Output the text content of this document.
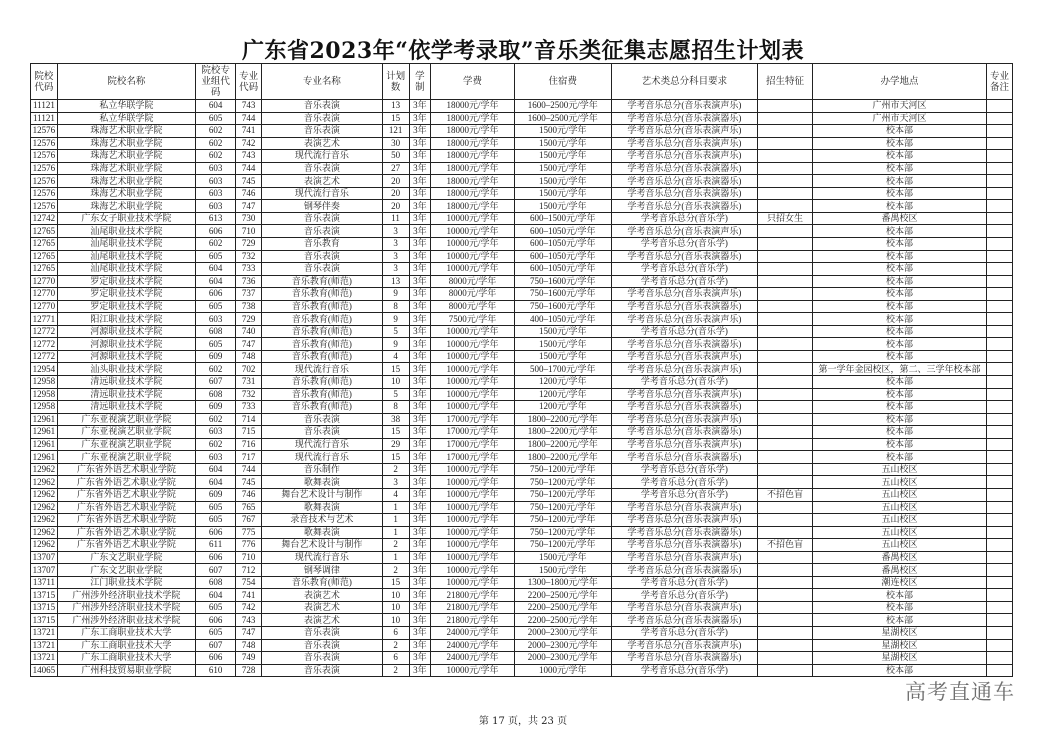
广东省2023年“依学考录取”音乐类征集志愿招生计划表
院校
代码	院校名称	院校专
业组代
码	专业
代码	专业名称	计划
数	学
制	学费	住宿费	艺术类总分科目要求	招生特征	办学地点	专业
备注
11121	私立华联学院	604	743	音乐表演	13	3年	18000元/学年	1600–2500元/学年	学考音乐总分(音乐表演声乐)		广州市天河区	
11121	私立华联学院	605	744	音乐表演	15	3年	18000元/学年	1600–2500元/学年	学考音乐总分(音乐表演器乐)		广州市天河区	
12576	珠海艺术职业学院	602	741	音乐表演	121	3年	18000元/学年	1500元/学年	学考音乐总分(音乐表演声乐)		校本部	
12576	珠海艺术职业学院	602	742	表演艺术	30	3年	18000元/学年	1500元/学年	学考音乐总分(音乐表演声乐)		校本部	
12576	珠海艺术职业学院	602	743	现代流行音乐	50	3年	18000元/学年	1500元/学年	学考音乐总分(音乐表演声乐)		校本部	
12576	珠海艺术职业学院	603	744	音乐表演	27	3年	18000元/学年	1500元/学年	学考音乐总分(音乐表演器乐)		校本部	
12576	珠海艺术职业学院	603	745	表演艺术	20	3年	18000元/学年	1500元/学年	学考音乐总分(音乐表演器乐)		校本部	
12576	珠海艺术职业学院	603	746	现代流行音乐	20	3年	18000元/学年	1500元/学年	学考音乐总分(音乐表演器乐)		校本部	
12576	珠海艺术职业学院	603	747	钢琴伴奏	20	3年	18000元/学年	1500元/学年	学考音乐总分(音乐表演器乐)		校本部	
12742	广东女子职业技术学院	613	730	音乐表演	11	3年	10000元/学年	600–1500元/学年	学考音乐总分(音乐学)	只招女生	番禺校区	
12765	汕尾职业技术学院	606	710	音乐表演	3	3年	10000元/学年	600–1050元/学年	学考音乐总分(音乐表演声乐)		校本部	
12765	汕尾职业技术学院	602	729	音乐教育	3	3年	10000元/学年	600–1050元/学年	学考音乐总分(音乐学)		校本部	
12765	汕尾职业技术学院	605	732	音乐表演	3	3年	10000元/学年	600–1050元/学年	学考音乐总分(音乐表演器乐)		校本部	
12765	汕尾职业技术学院	604	733	音乐表演	3	3年	10000元/学年	600–1050元/学年	学考音乐总分(音乐学)		校本部	
12770	罗定职业技术学院	604	736	音乐教育(师范)	13	3年	8000元/学年	750–1600元/学年	学考音乐总分(音乐学)		校本部	
12770	罗定职业技术学院	606	737	音乐教育(师范)	9	3年	8000元/学年	750–1600元/学年	学考音乐总分(音乐表演声乐)		校本部	
12770	罗定职业技术学院	605	738	音乐教育(师范)	8	3年	8000元/学年	750–1600元/学年	学考音乐总分(音乐表演器乐)		校本部	
12771	阳江职业技术学院	603	729	音乐教育(师范)	9	3年	7500元/学年	400–1050元/学年	学考音乐总分(音乐表演声乐)		校本部	
12772	河源职业技术学院	608	740	音乐教育(师范)	5	3年	10000元/学年	1500元/学年	学考音乐总分(音乐学)		校本部	
12772	河源职业技术学院	605	747	音乐教育(师范)	9	3年	10000元/学年	1500元/学年	学考音乐总分(音乐表演器乐)		校本部	
12772	河源职业技术学院	609	748	音乐教育(师范)	4	3年	10000元/学年	1500元/学年	学考音乐总分(音乐表演声乐)		校本部	
12954	汕头职业技术学院	602	702	现代流行音乐	15	3年	10000元/学年	500–1700元/学年	学考音乐总分(音乐表演声乐)		第一学年金园校区，第二、三学年校本部	
12958	清远职业技术学院	607	731	音乐教育(师范)	10	3年	10000元/学年	1200元/学年	学考音乐总分(音乐学)		校本部	
12958	清远职业技术学院	608	732	音乐教育(师范)	5	3年	10000元/学年	1200元/学年	学考音乐总分(音乐表演声乐)		校本部	
12958	清远职业技术学院	609	733	音乐教育(师范)	8	3年	10000元/学年	1200元/学年	学考音乐总分(音乐表演器乐)		校本部	
12961	广东亚视演艺职业学院	602	714	音乐表演	38	3年	17000元/学年	1800–2200元/学年	学考音乐总分(音乐表演声乐)		校本部	
12961	广东亚视演艺职业学院	603	715	音乐表演	15	3年	17000元/学年	1800–2200元/学年	学考音乐总分(音乐表演器乐)		校本部	
12961	广东亚视演艺职业学院	602	716	现代流行音乐	29	3年	17000元/学年	1800–2200元/学年	学考音乐总分(音乐表演声乐)		校本部	
12961	广东亚视演艺职业学院	603	717	现代流行音乐	15	3年	17000元/学年	1800–2200元/学年	学考音乐总分(音乐表演器乐)		校本部	
12962	广东省外语艺术职业学院	604	744	音乐制作	2	3年	10000元/学年	750–1200元/学年	学考音乐总分(音乐学)		五山校区	
12962	广东省外语艺术职业学院	604	745	歌舞表演	3	3年	10000元/学年	750–1200元/学年	学考音乐总分(音乐学)		五山校区	
12962	广东省外语艺术职业学院	609	746	舞台艺术设计与制作	4	3年	10000元/学年	750–1200元/学年	学考音乐总分(音乐学)	不招色盲	五山校区	
12962	广东省外语艺术职业学院	605	765	歌舞表演	1	3年	10000元/学年	750–1200元/学年	学考音乐总分(音乐表演声乐)		五山校区	
12962	广东省外语艺术职业学院	605	767	录音技术与艺术	1	3年	10000元/学年	750–1200元/学年	学考音乐总分(音乐表演声乐)		五山校区	
12962	广东省外语艺术职业学院	606	775	歌舞表演	1	3年	10000元/学年	750–1200元/学年	学考音乐总分(音乐表演器乐)		五山校区	
12962	广东省外语艺术职业学院	611	776	舞台艺术设计与制作	2	3年	10000元/学年	750–1200元/学年	学考音乐总分(音乐表演器乐)	不招色盲	五山校区	
13707	广东文艺职业学院	606	710	现代流行音乐	1	3年	10000元/学年	1500元/学年	学考音乐总分(音乐表演声乐)		番禺校区	
13707	广东文艺职业学院	607	712	钢琴调律	2	3年	10000元/学年	1500元/学年	学考音乐总分(音乐表演器乐)		番禺校区	
13711	江门职业技术学院	608	754	音乐教育(师范)	15	3年	10000元/学年	1300–1800元/学年	学考音乐总分(音乐学)		潮连校区	
13715	广州涉外经济职业技术学院	604	741	表演艺术	10	3年	21800元/学年	2200–2500元/学年	学考音乐总分(音乐学)		校本部	
13715	广州涉外经济职业技术学院	605	742	表演艺术	10	3年	21800元/学年	2200–2500元/学年	学考音乐总分(音乐表演声乐)		校本部	
13715	广州涉外经济职业技术学院	606	743	表演艺术	10	3年	21800元/学年	2200–2500元/学年	学考音乐总分(音乐表演器乐)		校本部	
13721	广东工商职业技术大学	605	747	音乐表演	6	3年	24000元/学年	2000–2300元/学年	学考音乐总分(音乐学)		星湖校区	
13721	广东工商职业技术大学	607	748	音乐表演	2	3年	24000元/学年	2000–2300元/学年	学考音乐总分(音乐表演声乐)		星湖校区	
13721	广东工商职业技术大学	606	749	音乐表演	6	3年	24000元/学年	2000–2300元/学年	学考音乐总分(音乐表演器乐)		星湖校区	
14065	广州科技贸易职业学院	610	728	音乐表演	2	3年	10000元/学年	1000元/学年	学考音乐总分(音乐学)		校本部	
高考直通车
第 17 页，共 23 页
